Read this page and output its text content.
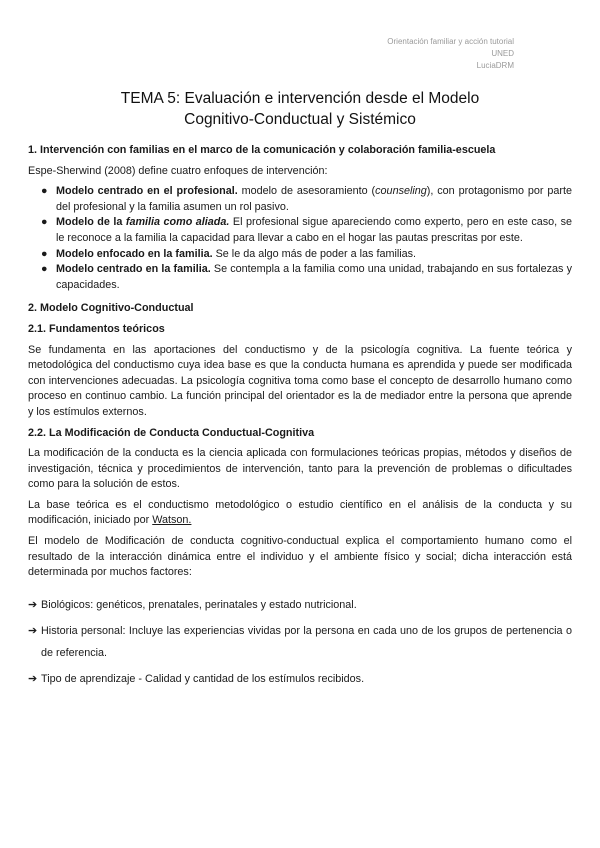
Orientación familiar y acción tutorial
UNED
LuciaDRM
TEMA 5: Evaluación e intervención desde el Modelo
Cognitivo-Conductual y Sistémico
1. Intervención con familias en el marco de la comunicación y colaboración familia-escuela

Espe-Sherwind (2008) define cuatro enfoques de intervención:

● Modelo centrado en el profesional. modelo de asesoramiento (counseling), con protagonismo por parte del profesional y la familia asumen un rol pasivo.
● Modelo de la familia como aliada. El profesional sigue apareciendo como experto, pero en este caso, se le reconoce a la familia la capacidad para llevar a cabo en el hogar las pautas prescritas por este.
● Modelo enfocado en la familia. Se le da algo más de poder a las familias.
● Modelo centrado en la familia. Se contempla a la familia como una unidad, trabajando en sus fortalezas y capacidades.
2. Modelo Cognitivo-Conductual
2.1. Fundamentos teóricos

Se fundamenta en las aportaciones del conductismo y de la psicología cognitiva. La fuente teórica y metodológica del conductismo cuya idea base es que la conducta humana es aprendida y puede ser modificada con intervenciones adecuadas. La psicología cognitiva toma como base el concepto de desarrollo humano como proceso en continuo cambio. La función principal del orientador es la de mediador entre la persona que aprende y los estímulos externos.

2.2. La Modificación de Conducta Conductual-Cognitiva

La modificación de la conducta es la ciencia aplicada con formulaciones teóricas propias, métodos y diseños de investigación, técnica y procedimientos de intervención, tanto para la prevención de problemas o dificultades como para la solución de estos.

La base teórica es el conductismo metodológico o estudio científico en el análisis de la conducta y su modificación, iniciado por Watson.

El modelo de Modificación de conducta cognitivo-conductual explica el comportamiento humano como el resultado de la interacción dinámica entre el individuo y el ambiente físico y social; dicha interacción está determinada por muchos factores:

➔ Biológicos: genéticos, prenatales, perinatales y estado nutricional.
➔ Historia personal: Incluye las experiencias vividas por la persona en cada uno de los grupos de pertenencia o de referencia.
➔ Tipo de aprendizaje - Calidad y cantidad de los estímulos recibidos.
